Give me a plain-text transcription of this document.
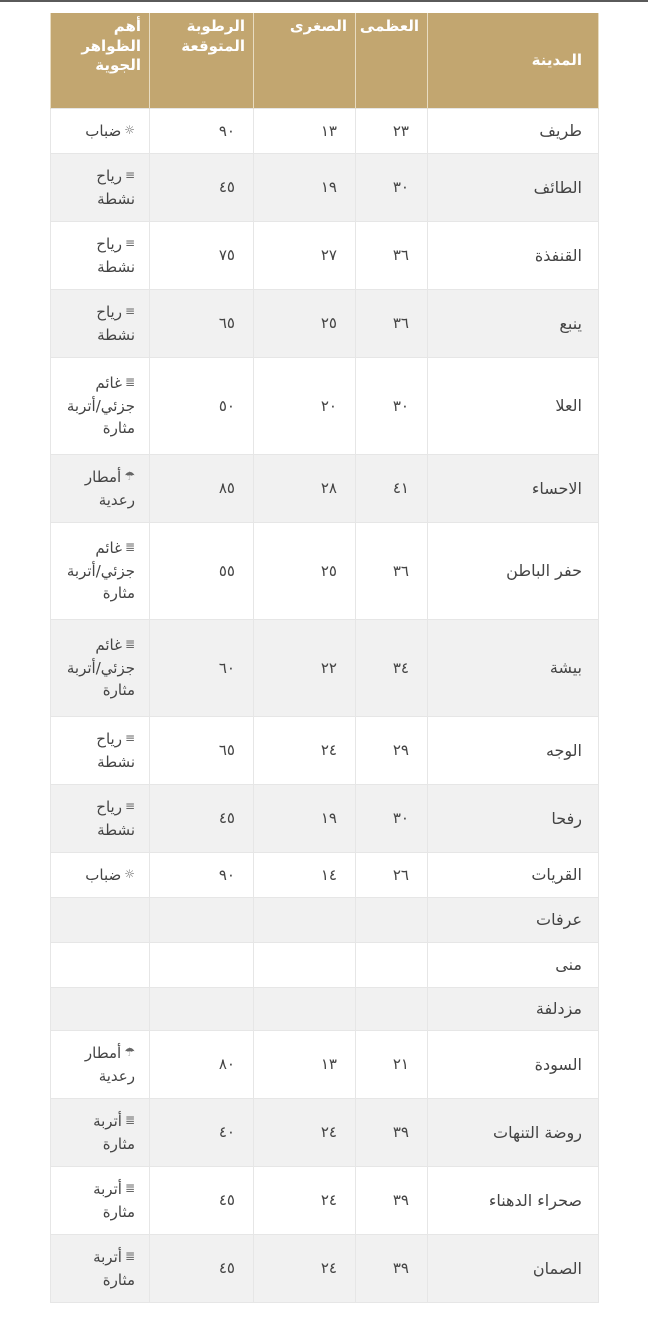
المدينة	العظمى	الصغرى	الرطوبة المتوقعة	أهم الظواهر الجوية
طريف	٢٣	١٣	٩٠	☼ضباب
الطائف	٣٠	١٩	٤٥	≡رياح نشطة
القنفذة	٣٦	٢٧	٧٥	≡رياح نشطة
ينبع	٣٦	٢٥	٦٥	≡رياح نشطة
العلا	٣٠	٢٠	٥٠	≣غائم جزئي/أتربة مثارة
الاحساء	٤١	٢٨	٨٥	☂أمطار رعدية
حفر الباطن	٣٦	٢٥	٥٥	≣غائم جزئي/أتربة مثارة
بيشة	٣٤	٢٢	٦٠	≣غائم جزئي/أتربة مثارة
الوجه	٢٩	٢٤	٦٥	≡رياح نشطة
رفحا	٣٠	١٩	٤٥	≡رياح نشطة
القريات	٢٦	١٤	٩٠	☼ضباب
عرفات				
منى				
مزدلفة				
السودة	٢١	١٣	٨٠	☂أمطار رعدية
روضة التنهات	٣٩	٢٤	٤٠	≣أتربة مثارة
صحراء الدهناء	٣٩	٢٤	٤٥	≣أتربة مثارة
الصمان	٣٩	٢٤	٤٥	≣أتربة مثارة
